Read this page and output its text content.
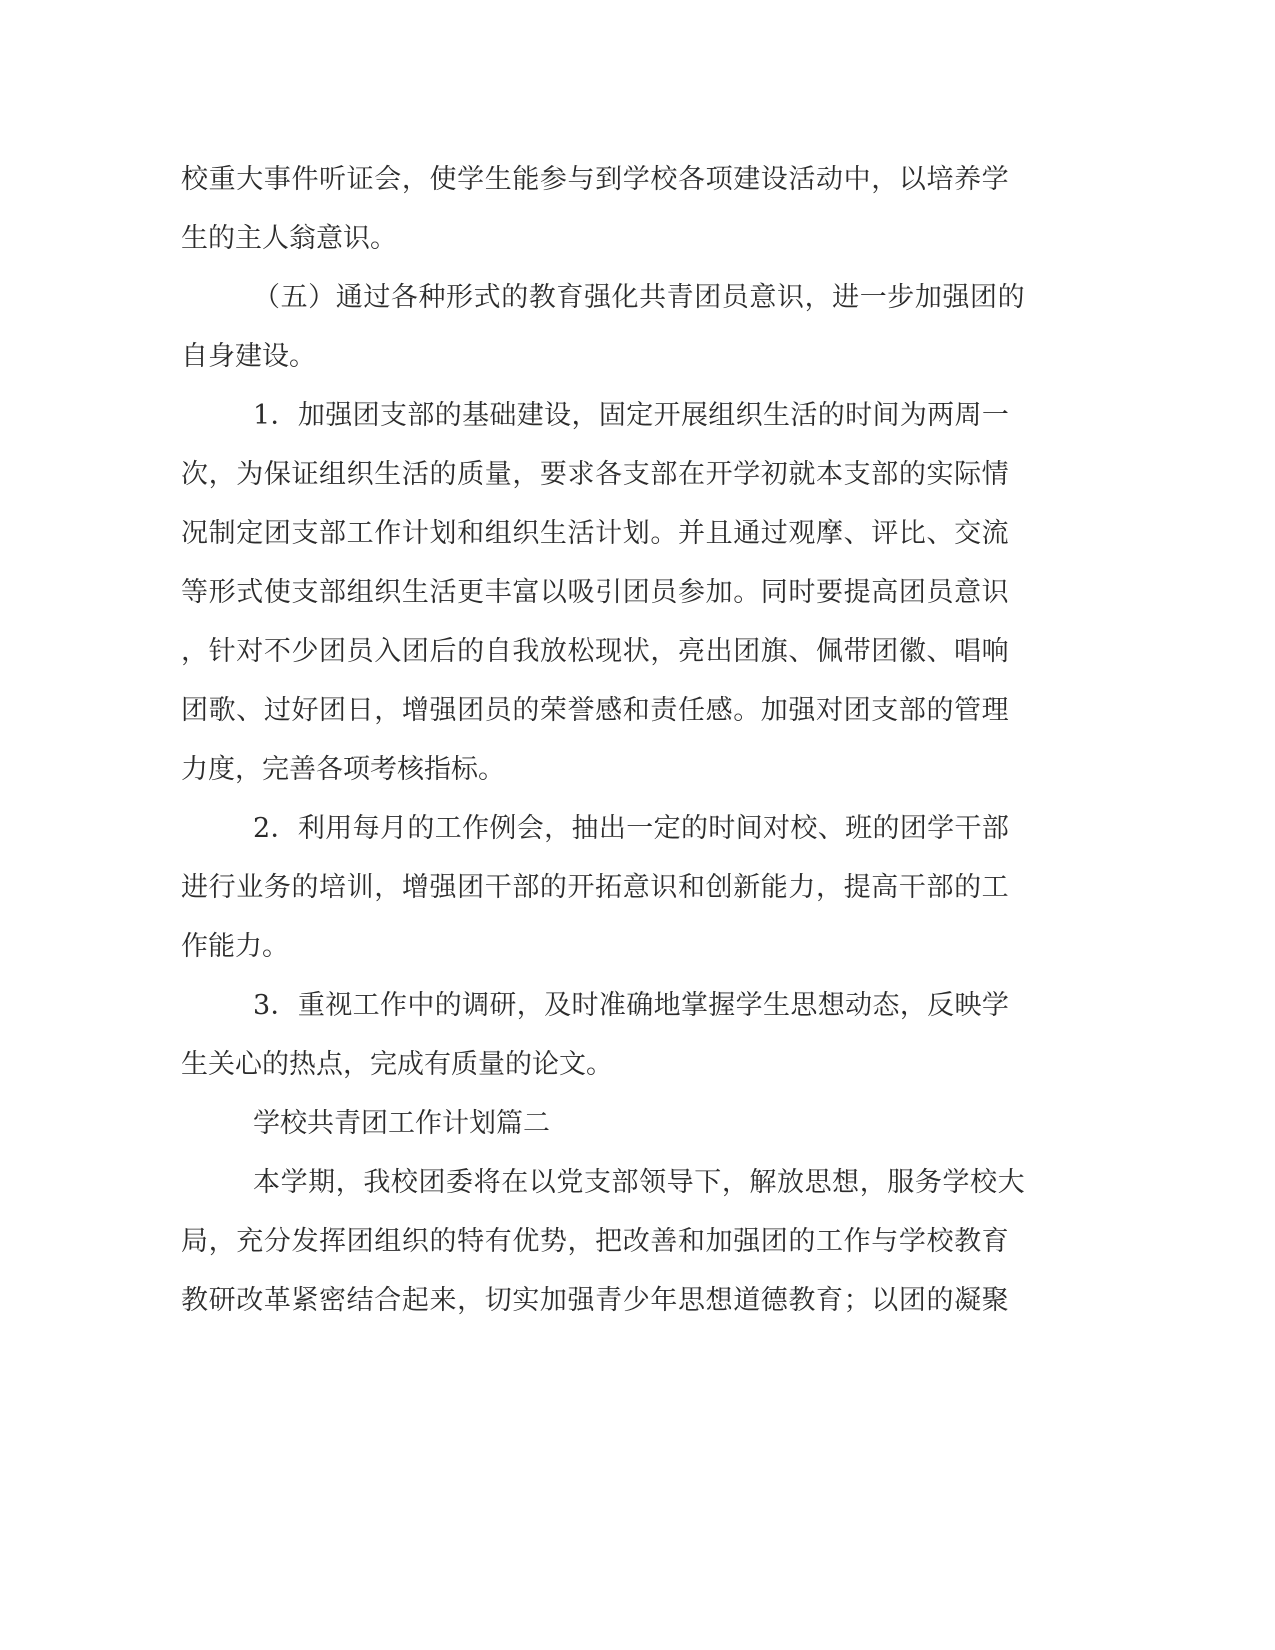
校 重 大 事 件 听 证 会 ， 使 学 生 能 参 与 到 学 校 各 项 建 设 活 动 中 ， 以 培 养 学
生的主人翁意识。
（ 五 ） 通 过 各 种 形 式 的 教 育 强 化 共 青 团 员 意 识 ， 进 一 步 加 强 团 的
自身建设。
1 ． 加 强 团 支 部 的 基 础 建 设 ， 固 定 开 展 组 织 生 活 的 时 间 为 两 周 一
次 ， 为 保 证 组 织 生 活 的 质 量 ， 要 求 各 支 部 在 开 学 初 就 本 支 部 的 实 际 情
况 制 定 团 支 部 工 作 计 划 和 组 织 生 活 计 划 。 并 且 通 过 观 摩 、 评 比 、 交 流
等 形 式 使 支 部 组 织 生 活 更 丰 富 以 吸 引 团 员 参 加 。 同 时 要 提 高 团 员 意 识
， 针 对 不 少 团 员 入 团 后 的 自 我 放 松 现 状 ， 亮 出 团 旗 、 佩 带 团 徽 、 唱 响
团 歌 、 过 好 团 日 ， 增 强 团 员 的 荣 誉 感 和 责 任 感 。 加 强 对 团 支 部 的 管 理
力度，完善各项考核指标。
2 ． 利 用 每 月 的 工 作 例 会 ， 抽 出 一 定 的 时 间 对 校 、 班 的 团 学 干 部
进 行 业 务 的 培 训 ， 增 强 团 干 部 的 开 拓 意 识 和 创 新 能 力 ， 提 高 干 部 的 工
作能力。
3 ． 重 视 工 作 中 的 调 研 ， 及 时 准 确 地 掌 握 学 生 思 想 动 态 ， 反 映 学
生关心的热点，完成有质量的论文。
学校共青团工作计划篇二
本 学 期 ， 我 校 团 委 将 在 以 党 支 部 领 导 下 ， 解 放 思 想 ， 服 务 学 校 大
局 ， 充 分 发 挥 团 组 织 的 特 有 优 势 ， 把 改 善 和 加 强 团 的 工 作 与 学 校 教 育
教 研 改 革 紧 密 结 合 起 来 ， 切 实 加 强 青 少 年 思 想 道 德 教 育 ； 以 团 的 凝 聚
